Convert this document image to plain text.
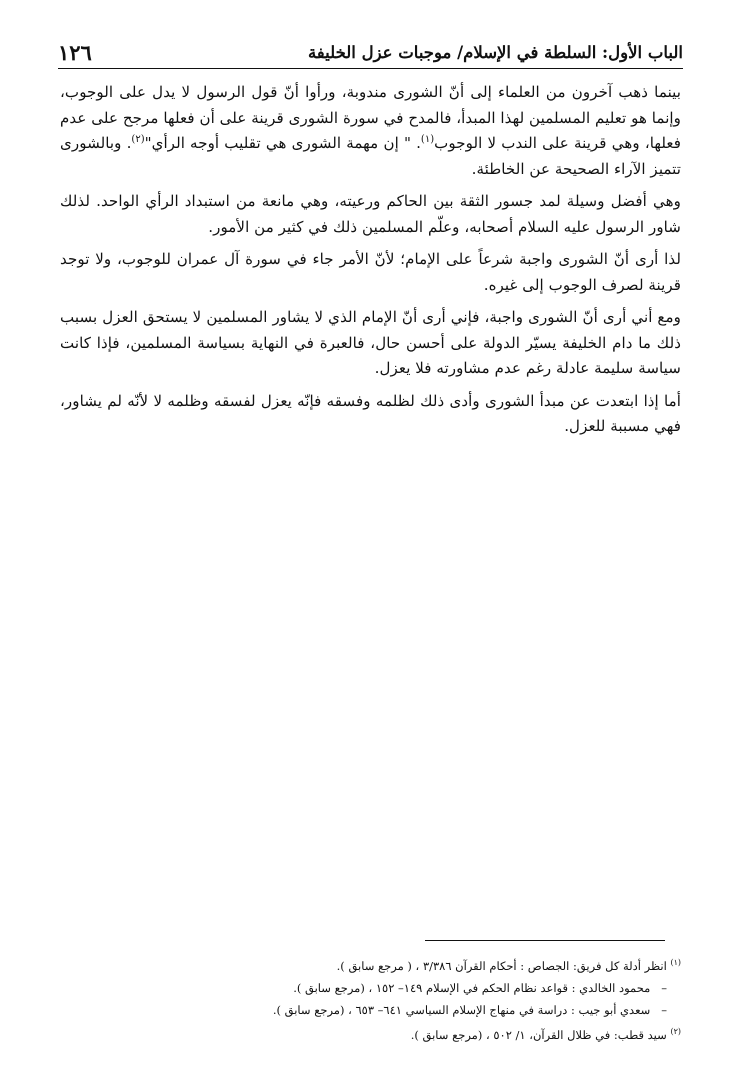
الباب الأول: السلطة في الإسلام/ موجبات عزل الخليفة
١٢٦

بينما ذهب آخرون من العلماء إلى أنّ الشورى مندوبة، ورأوا أنّ قول الرسول لا يدل على الوجوب، وإنما هو تعليم المسلمين لهذا المبدأ، فالمدح في سورة الشورى قرينة على أن فعلها مرجح على عدم فعلها، وهي قرينة على الندب لا الوجوب$^{(١)}$. " إن مهمة الشورى هي تقليب أوجه الرأي"$^{(٢)}$. وبالشورى تتميز الآراء الصحيحة عن الخاطئة.

وهي أفضل وسيلة لمد جسور الثقة بين الحاكم ورعيته، وهي مانعة من استبداد الرأي الواحد. لذلك شاور الرسول عليه السلام أصحابه، وعلّم المسلمين ذلك في كثير من الأمور.

لذا أرى أنّ الشورى واجبة شرعاً على الإمام؛ لأنّ الأمر جاء في سورة آل عمران للوجوب، ولا توجد قرينة لصرف الوجوب إلى غيره.

ومع أني أرى أنّ الشورى واجبة، فإني أرى أنّ الإمام الذي لا يشاور المسلمين لا يستحق العزل بسبب ذلك ما دام الخليفة يسيّر الدولة على أحسن حال، فالعبرة في النهاية بسياسة المسلمين، فإذا كانت سياسة سليمة عادلة رغم عدم مشاورته فلا يعزل.

أما إذا ابتعدت عن مبدأ الشورى وأدى ذلك لظلمه وفسقه فإنّه يعزل لفسقه وظلمه لا لأنّه لم يشاور، فهي مسببة للعزل.

$^{(١)}$ انظر أدلة كل فريق: الجصاص : أحكام القرآن ٣/٣٨٦ ، ( مرجع سابق ).
–   محمود الخالدي : قواعد نظام الحكم في الإسلام ١٤٩– ١٥٢ ، (مرجع سابق ).
–   سعدي أبو جيب : دراسة في منهاج الإسلام السياسي ٦٤١– ٦٥٣ ، (مرجع سابق ).
$^{(٢)}$ سيد قطب: في ظلال القرآن، ١/ ٥٠٢ ، (مرجع سابق ).
